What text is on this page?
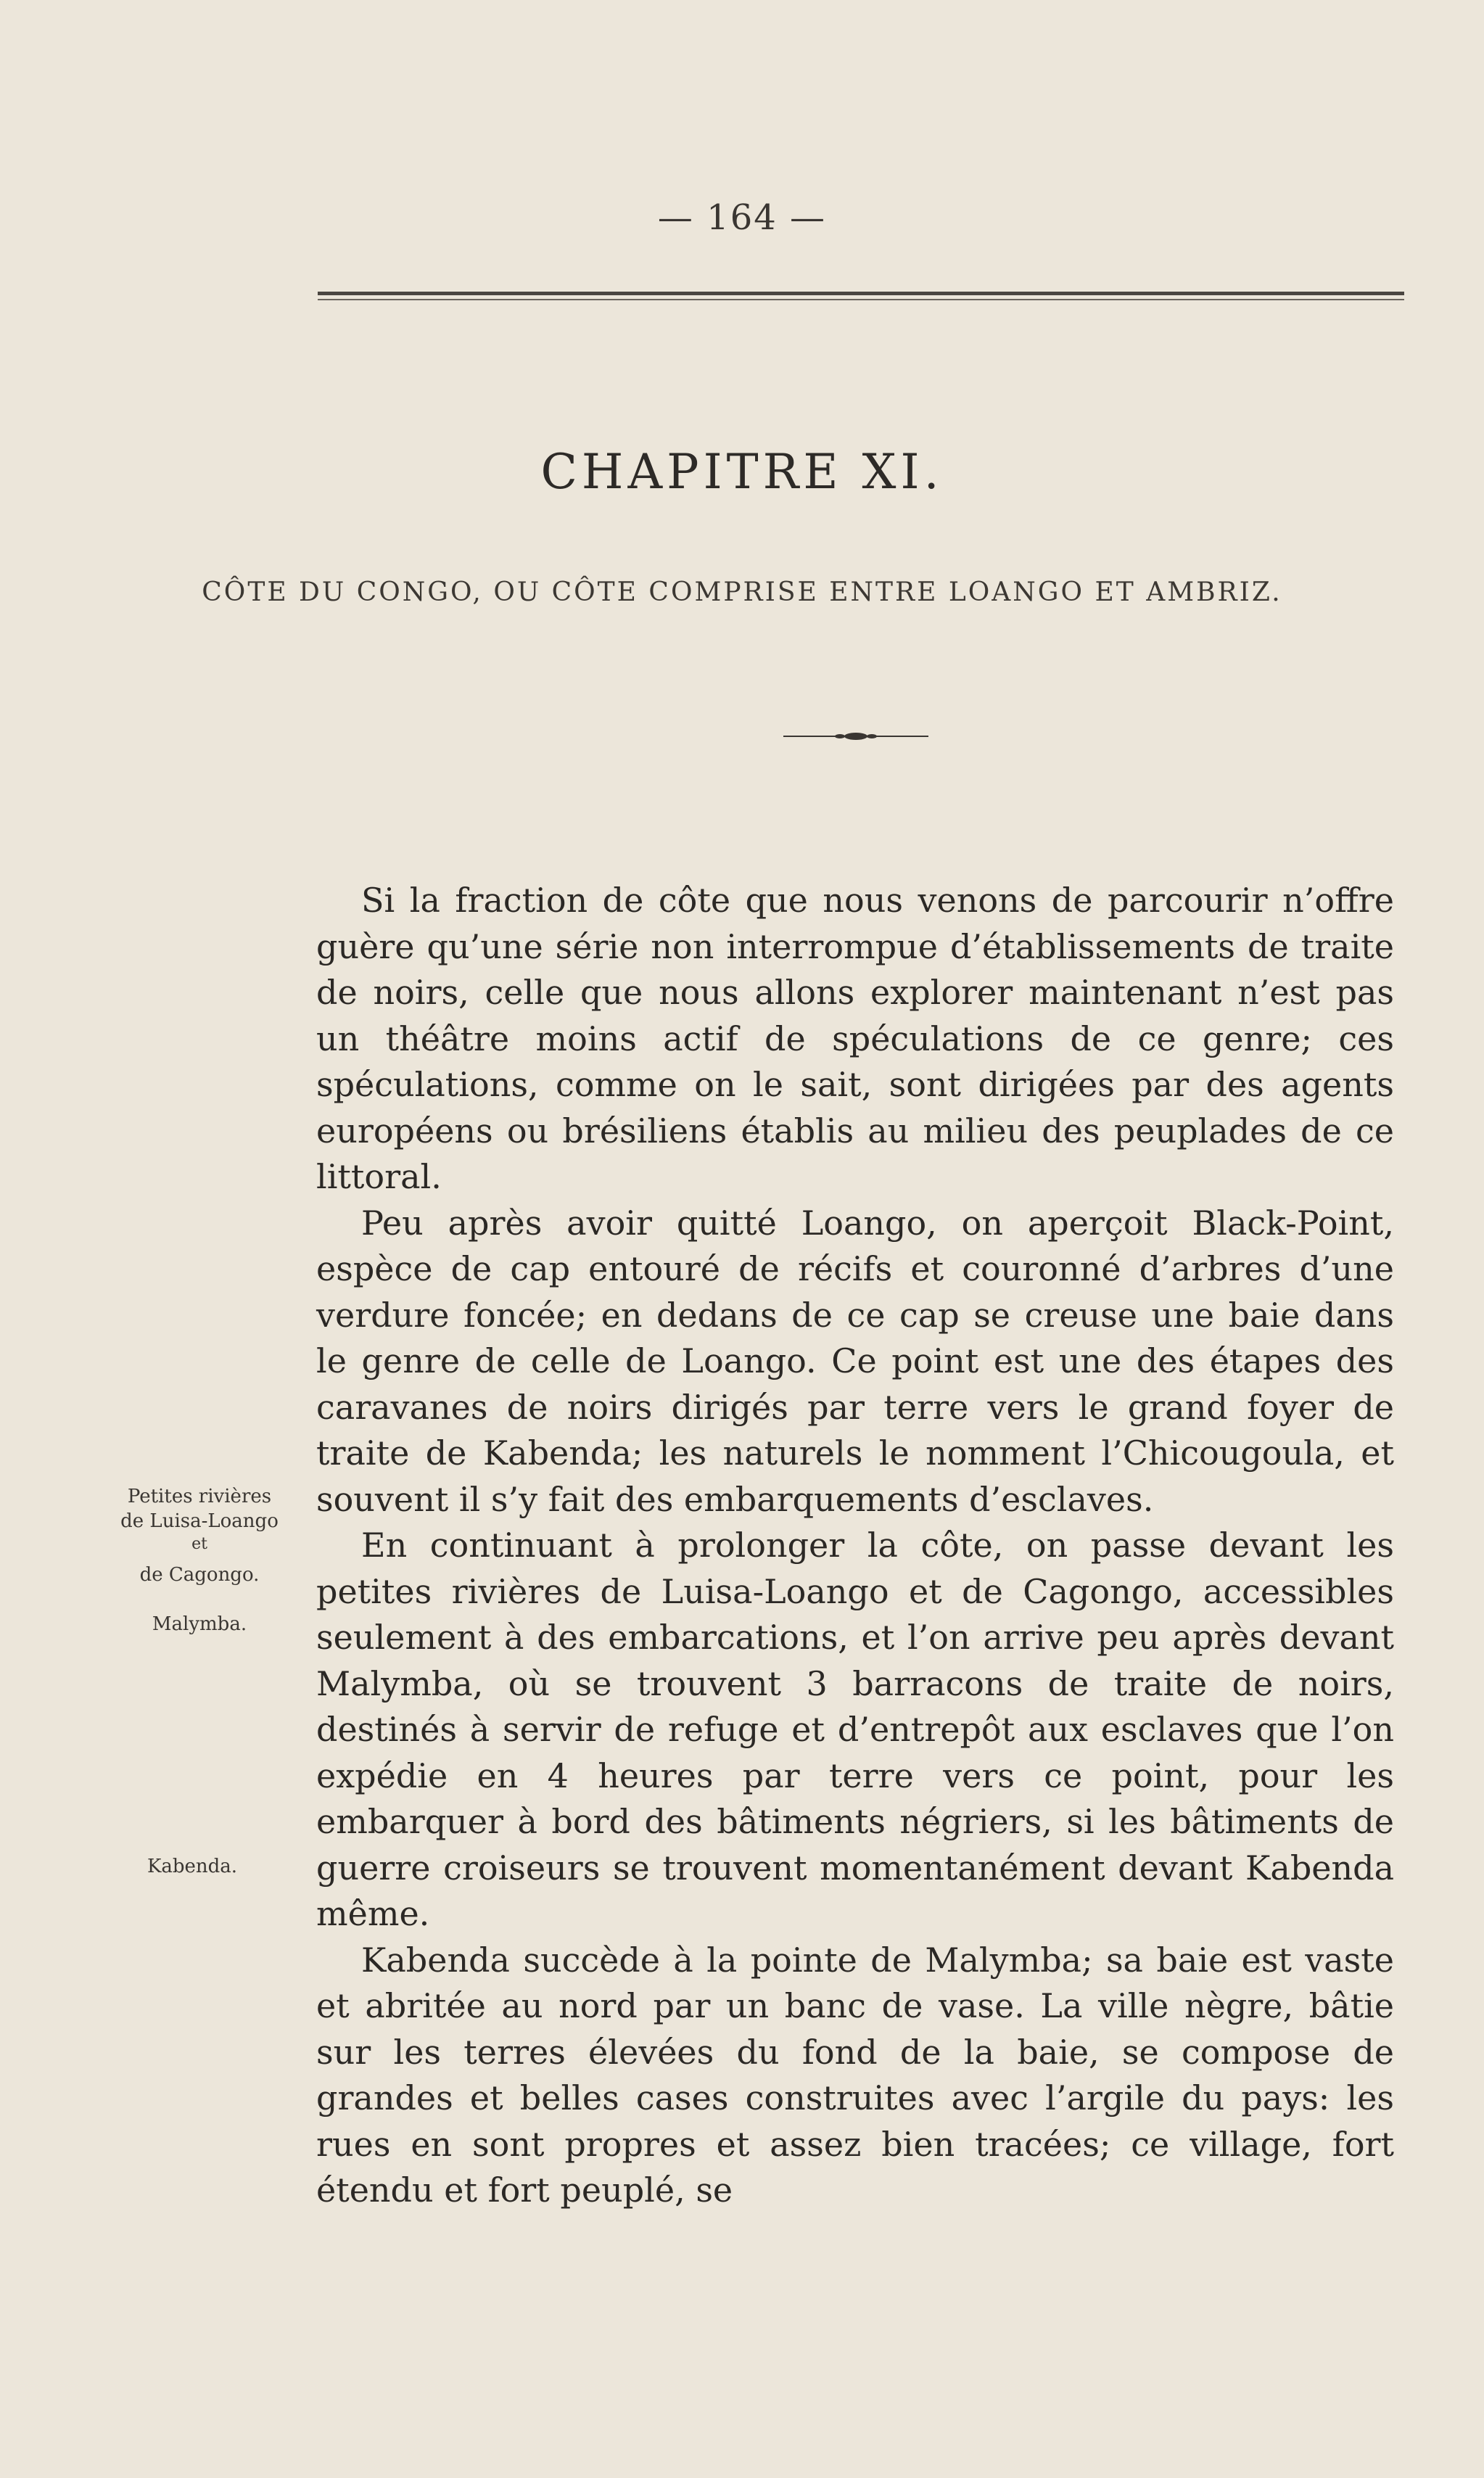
— 164 —
CHAPITRE XI.
CÔTE DU CONGO, OU CÔTE COMPRISE ENTRE LOANGO ET AMBRIZ.

Si la fraction de côte que nous venons de parcourir n’offre guère qu’une série non interrompue d’établissements de traite de noirs, celle que nous allons explorer maintenant n’est pas un théâtre moins actif de spéculations de ce genre; ces spéculations, comme on le sait, sont dirigées par des agents européens ou brésiliens établis au milieu des peuplades de ce littoral.

Peu après avoir quitté Loango, on aperçoit Black-Point, espèce de cap entouré de récifs et couronné d’arbres d’une verdure foncée; en dedans de ce cap se creuse une baie dans le genre de celle de Loango. Ce point est une des étapes des caravanes de noirs dirigés par terre vers le grand foyer de traite de Kabenda; les naturels le nomment l’Chicougoula, et souvent il s’y fait des embarquements d’esclaves.

En continuant à prolonger la côte, on passe devant les petites rivières de Luisa-Loango et de Cagongo, accessibles seulement à des embarcations, et l’on arrive peu après devant Malymba, où se trouvent 3 barracons de traite de noirs, destinés à servir de refuge et d’entrepôt aux esclaves que l’on expédie en 4 heures par terre vers ce point, pour les embarquer à bord des bâtiments négriers, si les bâtiments de guerre croiseurs se trouvent momentanément devant Kabenda même.

Kabenda succède à la pointe de Malymba; sa baie est vaste et abritée au nord par un banc de vase. La ville nègre, bâtie sur les terres élevées du fond de la baie, se compose de grandes et belles cases construites avec l’argile du pays: les rues en sont propres et assez bien tracées; ce village, fort étendu et fort peuplé, se

Petites rivières
de Luisa-Loango
et
de Cagongo.
Malymba.
Kabenda.
